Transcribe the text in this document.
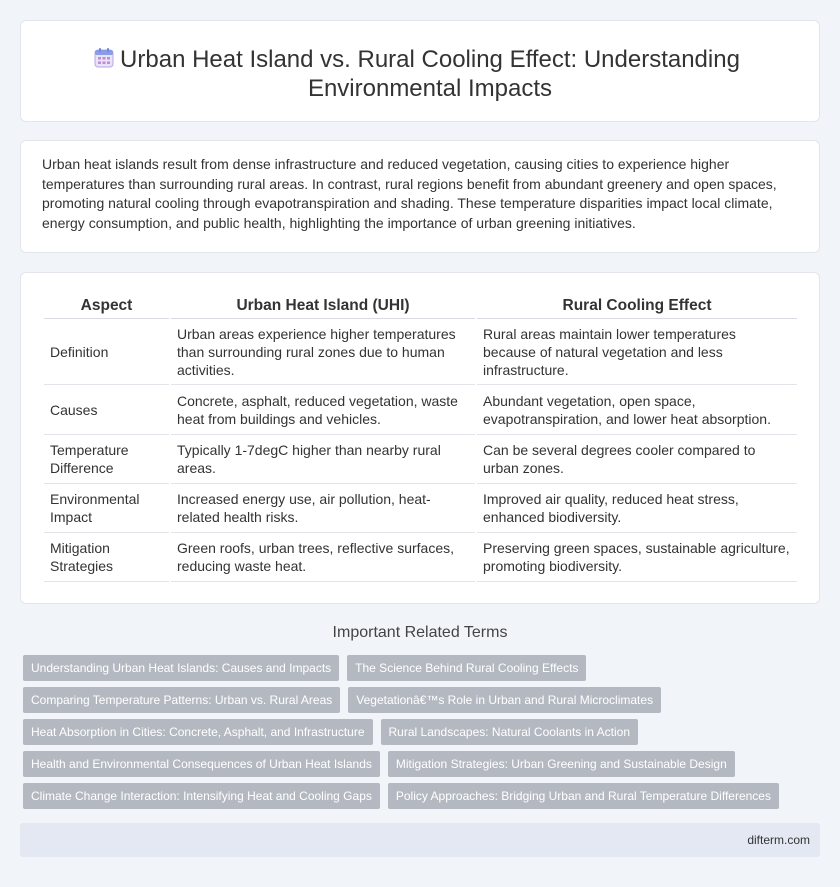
Urban Heat Island vs. Rural Cooling Effect: Understanding Environmental Impacts

Urban heat islands result from dense infrastructure and reduced vegetation, causing cities to experience higher temperatures than surrounding rural areas. In contrast, rural regions benefit from abundant greenery and open spaces, promoting natural cooling through evapotranspiration and shading. These temperature disparities impact local climate, energy consumption, and public health, highlighting the importance of urban greening initiatives.

Aspect	Urban Heat Island (UHI)	Rural Cooling Effect
Definition	Urban areas experience higher temperatures than surrounding rural zones due to human activities.	Rural areas maintain lower temperatures because of natural vegetation and less infrastructure.
Causes	Concrete, asphalt, reduced vegetation, waste heat from buildings and vehicles.	Abundant vegetation, open space, evapotranspiration, and lower heat absorption.
Temperature Difference	Typically 1-7degC higher than nearby rural areas.	Can be several degrees cooler compared to urban zones.
Environmental Impact	Increased energy use, air pollution, heat-related health risks.	Improved air quality, reduced heat stress, enhanced biodiversity.
Mitigation Strategies	Green roofs, urban trees, reflective surfaces, reducing waste heat.	Preserving green spaces, sustainable agriculture, promoting biodiversity.
Important Related Terms
Understanding Urban Heat Islands: Causes and Impacts	The Science Behind Rural Cooling Effects
Comparing Temperature Patterns: Urban vs. Rural Areas	Vegetationâ€™s Role in Urban and Rural Microclimates
Heat Absorption in Cities: Concrete, Asphalt, and Infrastructure	Rural Landscapes: Natural Coolants in Action
Health and Environmental Consequences of Urban Heat Islands	Mitigation Strategies: Urban Greening and Sustainable Design
Climate Change Interaction: Intensifying Heat and Cooling Gaps	Policy Approaches: Bridging Urban and Rural Temperature Differences
difterm.com
